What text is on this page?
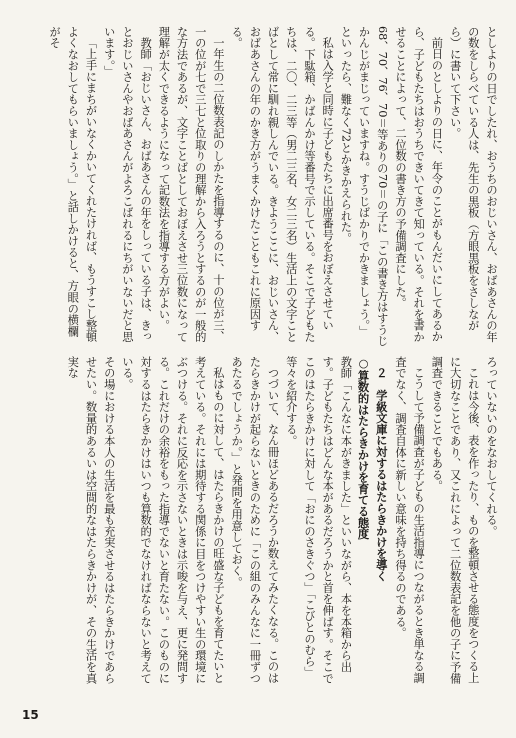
としよりの日でしたれ、おうちのおじいさん、おばあさんの年の数をしらべている人は、先生の黒板（方眼黒板をさしながら）に書いて下さい。

前日のとしよりの日に、年令のことがもんだいにしてあるから、子どもたちはおうちできいてきて知っている。それを書かせることによって、二位数の書き方の予備調査にした。

68、70、76、70＝等ありの70＝の子に「この書き方はすうじかんじがまじっていますね。すうじばかりでかきましょう。」といったら、難なく72とかきかえられた。

私は入学と同時に子どもたちに出席番号をおぼえさせている。下駄箱、かばんかけ等番号で示している。そこで子どもたちは、二〇、二三等（男二三名、女二三名）生活上の文字ことばとして常に馴れ親しんでいる。きようここに、おじいさん、おばあさんの年のかき方がうまくかけたこともこれに原因する。

一年生の二位数表記のしかたを指導するのに、十の位が三、一の位が七で三七と位取りの理解から入ろうとするのが一般的な方法であるが、文字ことばとしておぼえさせ三位数になって理解が太くできるようになって記数法を指導する方がよい。

教師「おじいさん、おばあさんの年をしっている子は、きっとおじいさんやおばあさんがよろこばれるにちがいないだと思います。」

「上手にまちがいなくかいてくれたければ、もうすこし整頓よくなおしてもらいましょう。」と話しかけると、方眼の横欄がそ

ろっていないのをなおしてくれる。

これは今後、表を作ったり、ものを整頓させる態度をつくる上に大切なことであり、又これによって二位数表記を他の子に予備調査できることでもある。

こうして予備調査が子どもの生活指導につながるとき単なる調査でなく、調査自体に新しい意味を持ち得るのである。

２　学級文庫に対するはたらきかけを導く

○算数的はたらきかけを育てる態度

教師「こんなに本がきました」といいながら、本を本箱から出す。子どもたちはどんな本があるだろうかと首を伸ばす。そこでこのはたらきかけに対して「おにのさきぐつ」「こびとのむら」等々を紹介する。

つづいて、なん冊ほどあるだろうか数えてみたくなる。このはたらきかけが起らないときのために「この組のみんなに一冊ずつあたるでしょうか。」と発問を用意しておく。

私はものに対して、はたらきかけの旺盛な子どもを育てたいと考えている。それには期待する関係に目をつけやすい生の環境にぶつける。それに反応を示さないときは示唆を与え、更に発問する。これだけの余裕をもった指導でないと育たない。このものに対するはたらきかけはいつも算数的でなければならないと考えている。

その場における本人の生活を最も充実させるはたらきかけであらせたい。数量的あるいは空間的なはたらきかけが、その生活を真実な

15
